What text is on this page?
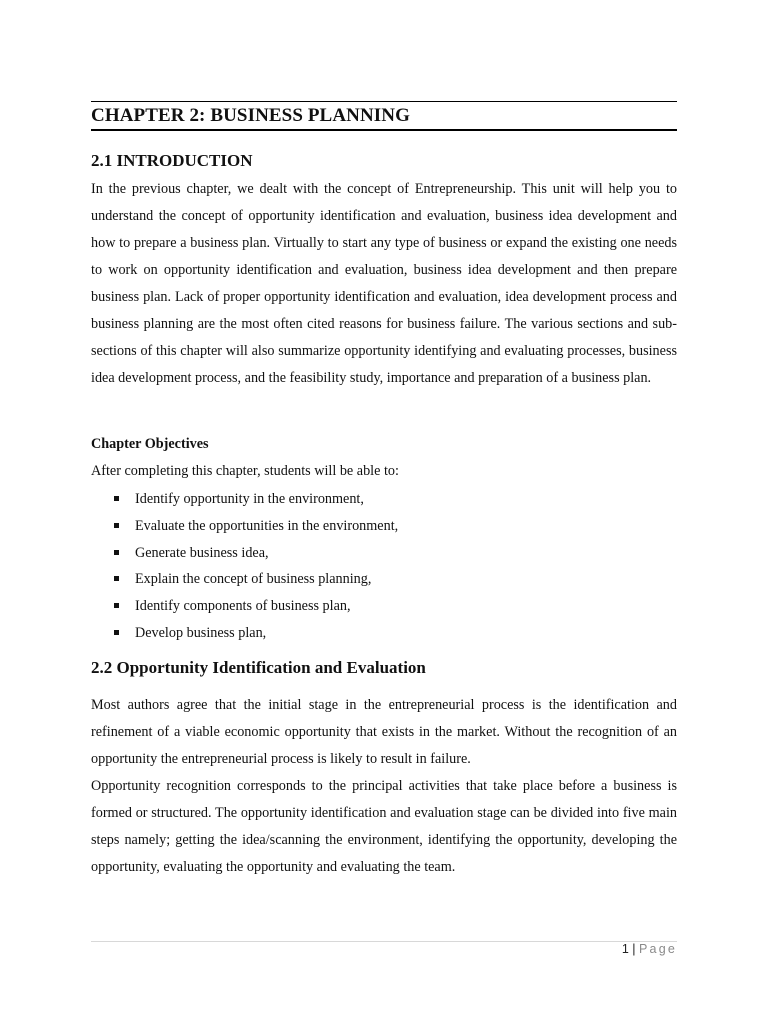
CHAPTER 2: BUSINESS PLANNING
2.1 INTRODUCTION
In the previous chapter, we dealt with the concept of Entrepreneurship. This unit will help you to understand the concept of opportunity identification and evaluation, business idea development and how to prepare a business plan. Virtually to start any type of business or expand the existing one needs to work on opportunity identification and evaluation, business idea development and then prepare business plan. Lack of proper opportunity identification and evaluation, idea development process and business planning are the most often cited reasons for business failure. The various sections and sub-sections of this chapter will also summarize opportunity identifying and evaluating processes, business idea development process, and the feasibility study, importance and preparation of a business plan.
Chapter Objectives
After completing this chapter, students will be able to:
Identify opportunity in the environment,
Evaluate the opportunities in the environment,
Generate business idea,
Explain the concept of business planning,
Identify components of business plan,
Develop business plan,
2.2 Opportunity Identification and Evaluation
Most authors agree that the initial stage in the entrepreneurial process is the identification and refinement of a viable economic opportunity that exists in the market. Without the recognition of an opportunity the entrepreneurial process is likely to result in failure.
Opportunity recognition corresponds to the principal activities that take place before a business is formed or structured. The opportunity identification and evaluation stage can be divided into five main steps namely; getting the idea/scanning the environment, identifying the opportunity, developing the opportunity, evaluating the opportunity and evaluating the team.
1 | Page
